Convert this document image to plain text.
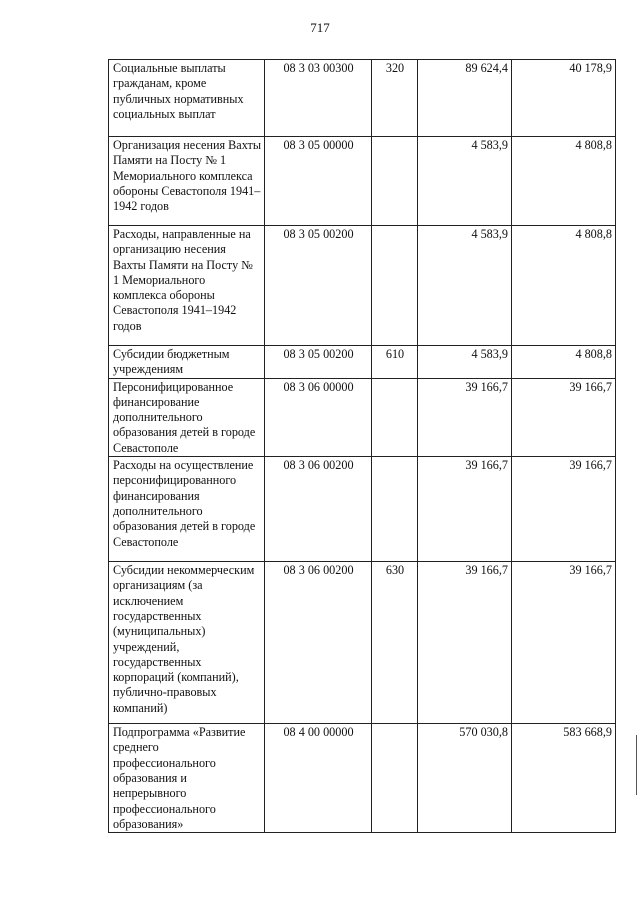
717
Социальные выплаты гражданам, кроме публичных нормативных социальных выплат	08 3 03 00300	320	89 624,4	40 178,9
Организация несения Вахты Памяти на Посту № 1 Мемориального комплекса обороны Севастополя 1941–1942 годов	08 3 05 00000		4 583,9	4 808,8
Расходы, направленные на организацию несения Вахты Памяти на Посту № 1 Мемориального комплекса обороны Севастополя 1941–1942 годов	08 3 05 00200		4 583,9	4 808,8
Субсидии бюджетным учреждениям	08 3 05 00200	610	4 583,9	4 808,8
Персонифицированное финансирование дополнительного образования детей в городе Севастополе	08 3 06 00000		39 166,7	39 166,7
Расходы на осуществление персонифицированного финансирования дополнительного образования детей в городе Севастополе	08 3 06 00200		39 166,7	39 166,7
Субсидии некоммерческим организациям (за исключением государственных (муниципальных) учреждений, государственных корпораций (компаний), публично-правовых компаний)	08 3 06 00200	630	39 166,7	39 166,7
Подпрограмма «Развитие среднего профессионального образования и непрерывного профессионального образования»	08 4 00 00000		570 030,8	583 668,9
